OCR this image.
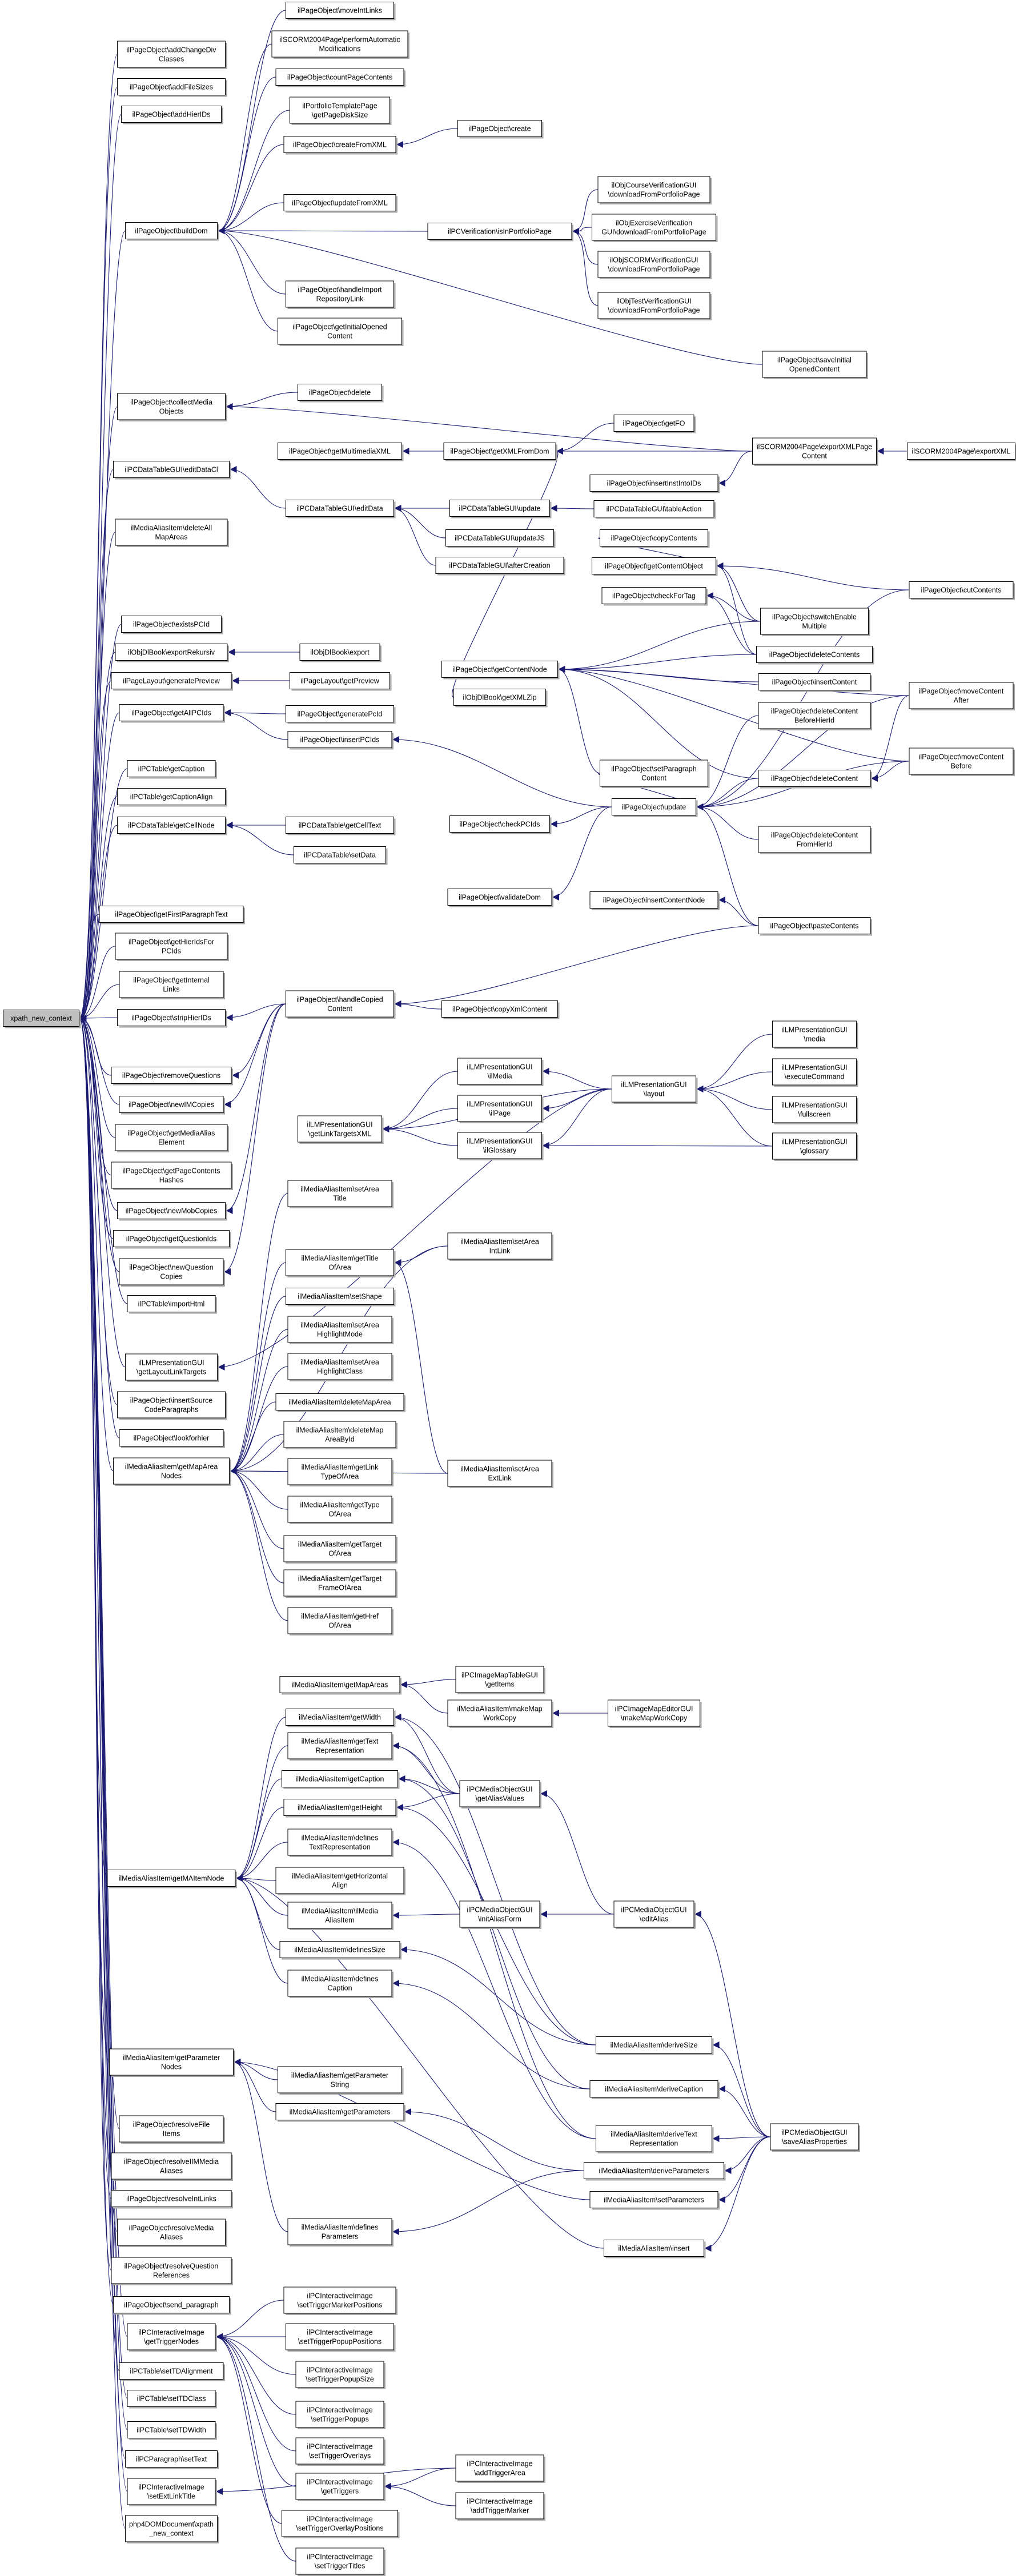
xpath_new_context
ilPageObject\addChangeDiv
Classes
ilPageObject\addFileSizes
ilPageObject\addHierIDs
ilPageObject\buildDom
ilPageObject\collectMedia
Objects
ilPCDataTableGUI\editDataCl
ilMediaAliasItem\deleteAll
MapAreas
ilPageObject\existsPCId
ilObjDlBook\exportRekursiv
ilPageLayout\generatePreview
ilPageObject\getAllPCIds
ilPCTable\getCaption
ilPCTable\getCaptionAlign
ilPCDataTable\getCellNode
ilPageObject\getFirstParagraphText
ilPageObject\getHierIdsFor
PCIds
ilPageObject\getInternal
Links
ilPageObject\stripHierIDs
ilPageObject\removeQuestions
ilPageObject\newIMCopies
ilPageObject\getMediaAlias
Element
ilPageObject\getPageContents
Hashes
ilPageObject\newMobCopies
ilPageObject\getQuestionIds
ilPageObject\newQuestion
Copies
ilPCTable\importHtml
ilLMPresentationGUI
\getLayoutLinkTargets
ilPageObject\insertSource
CodeParagraphs
ilPageObject\lookforhier
ilMediaAliasItem\getMapArea
Nodes
ilMediaAliasItem\getMAItemNode
ilMediaAliasItem\getParameter
Nodes
ilPageObject\resolveFile
Items
ilPageObject\resolveIIMMedia
Aliases
ilPageObject\resolveIntLinks
ilPageObject\resolveMedia
Aliases
ilPageObject\resolveQuestion
References
ilPageObject\send_paragraph
ilPCInteractiveImage
\getTriggerNodes
ilPCTable\setTDAlignment
ilPCTable\setTDClass
ilPCTable\setTDWidth
ilPCParagraph\setText
ilPCInteractiveImage
\setExtLinkTitle
php4DOMDocument\xpath
_new_context
ilPageObject\moveIntLinks
ilSCORM2004Page\performAutomatic
Modifications
ilPageObject\countPageContents
ilPortfolioTemplatePage
\getPageDiskSize
ilPageObject\createFromXML
ilPageObject\updateFromXML
ilPageObject\handleImport
RepositoryLink
ilPageObject\getInitialOpened
Content
ilPageObject\delete
ilPageObject\getMultimediaXML
ilPCDataTableGUI\editData
ilObjDlBook\export
ilPageLayout\getPreview
ilPageObject\generatePcId
ilPageObject\insertPCIds
ilPCDataTable\getCellText
ilPCDataTable\setData
ilPageObject\handleCopied
Content
ilLMPresentationGUI
\getLinkTargetsXML
ilMediaAliasItem\setArea
Title
ilMediaAliasItem\getTitle
OfArea
ilMediaAliasItem\setShape
ilMediaAliasItem\setArea
HighlightMode
ilMediaAliasItem\setArea
HighlightClass
ilMediaAliasItem\deleteMapArea
ilMediaAliasItem\deleteMap
AreaById
ilMediaAliasItem\getLink
TypeOfArea
ilMediaAliasItem\getType
OfArea
ilMediaAliasItem\getTarget
OfArea
ilMediaAliasItem\getTarget
FrameOfArea
ilMediaAliasItem\getHref
OfArea
ilMediaAliasItem\getMapAreas
ilMediaAliasItem\getWidth
ilMediaAliasItem\getText
Representation
ilMediaAliasItem\getCaption
ilMediaAliasItem\getHeight
ilMediaAliasItem\defines
TextRepresentation
ilMediaAliasItem\getHorizontal
Align
ilMediaAliasItem\ilMedia
AliasItem
ilMediaAliasItem\definesSize
ilMediaAliasItem\defines
Caption
ilMediaAliasItem\getParameter
String
ilMediaAliasItem\getParameters
ilMediaAliasItem\defines
Parameters
ilPCInteractiveImage
\setTriggerMarkerPositions
ilPCInteractiveImage
\setTriggerPopupPositions
ilPCInteractiveImage
\setTriggerPopupSize
ilPCInteractiveImage
\setTriggerPopups
ilPCInteractiveImage
\setTriggerOverlays
ilPCInteractiveImage
\getTriggers
ilPCInteractiveImage
\setTriggerOverlayPositions
ilPCInteractiveImage
\setTriggerTitles
ilPageObject\create
ilPCVerification\isInPortfolioPage
ilPageObject\getXMLFromDom
ilPCDataTableGUI\update
ilPCDataTableGUI\updateJS
ilPCDataTableGUI\afterCreation
ilPageObject\getContentNode
ilObjDlBook\getXMLZip
ilPageObject\checkPCIds
ilPageObject\validateDom
ilPageObject\copyXmlContent
ilLMPresentationGUI
\ilMedia
ilLMPresentationGUI
\ilPage
ilLMPresentationGUI
\ilGlossary
ilMediaAliasItem\setArea
IntLink
ilMediaAliasItem\setArea
ExtLink
ilPCImageMapTableGUI
\getItems
ilMediaAliasItem\makeMap
WorkCopy
ilPCMediaObjectGUI
\getAliasValues
ilPCMediaObjectGUI
\initAliasForm
ilPCInteractiveImage
\addTriggerArea
ilPCInteractiveImage
\addTriggerMarker
ilObjCourseVerificationGUI
\downloadFromPortfolioPage
ilObjExerciseVerification
GUI\downloadFromPortfolioPage
ilObjSCORMVerificationGUI
\downloadFromPortfolioPage
ilObjTestVerificationGUI
\downloadFromPortfolioPage
ilPageObject\getFO
ilPageObject\insertInstIntoIDs
ilPCDataTableGUI\tableAction
ilPageObject\copyContents
ilPageObject\getContentObject
ilPageObject\checkForTag
ilPageObject\setParagraph
Content
ilPageObject\update
ilPageObject\insertContentNode
ilLMPresentationGUI
\layout
ilPCImageMapEditorGUI
\makeMapWorkCopy
ilPCMediaObjectGUI
\editAlias
ilMediaAliasItem\deriveSize
ilMediaAliasItem\deriveCaption
ilMediaAliasItem\deriveText
Representation
ilMediaAliasItem\deriveParameters
ilMediaAliasItem\setParameters
ilMediaAliasItem\insert
ilPageObject\saveInitial
OpenedContent
ilSCORM2004Page\exportXMLPage
Content
ilPageObject\switchEnable
Multiple
ilPageObject\deleteContents
ilPageObject\insertContent
ilPageObject\deleteContent
BeforeHierId
ilPageObject\deleteContent
ilPageObject\deleteContent
FromHierId
ilPageObject\pasteContents
ilLMPresentationGUI
\media
ilLMPresentationGUI
\executeCommand
ilLMPresentationGUI
\fullscreen
ilLMPresentationGUI
\glossary
ilPCMediaObjectGUI
\saveAliasProperties
ilSCORM2004Page\exportXML
ilPageObject\cutContents
ilPageObject\moveContent
After
ilPageObject\moveContent
Before
